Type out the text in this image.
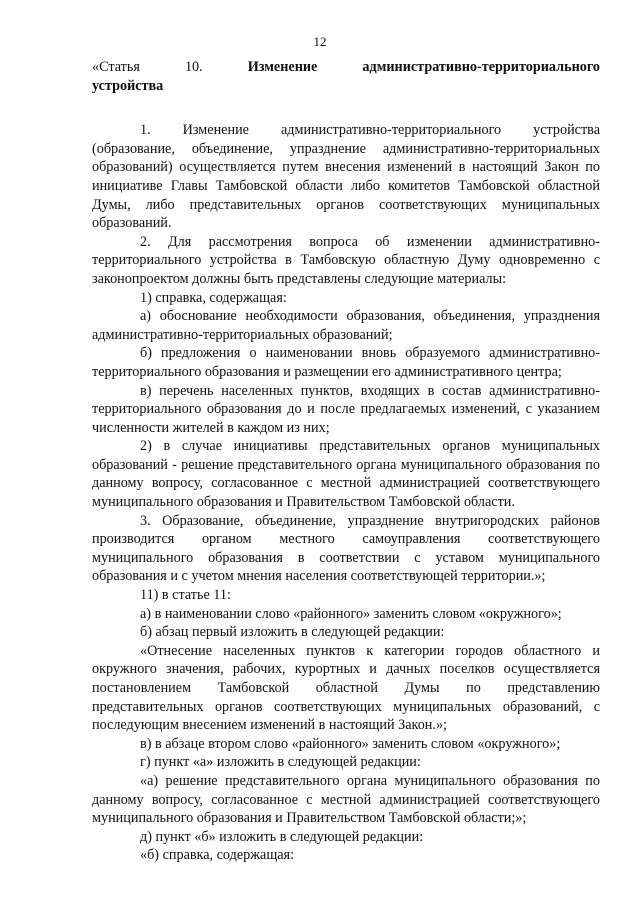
12

«Статья	10.	Изменение	административно-территориального

устройства

1. Изменение административно-территориального устройства (образование, объединение, упразднение административно-территориальных образований) осуществляется путем внесения изменений в настоящий Закон по инициативе Главы Тамбовской области либо комитетов Тамбовской областной Думы, либо представительных органов соответствующих муниципальных образований.

2. Для рассмотрения вопроса об изменении административно-территориального устройства в Тамбовскую областную Думу одновременно с законопроектом должны быть представлены следующие материалы:

1) справка, содержащая:

а) обоснование необходимости образования, объединения, упразднения административно-территориальных образований;

б) предложения о наименовании вновь образуемого административно-территориального образования и размещении его административного центра;

в) перечень населенных пунктов, входящих в состав административно-территориального образования до и после предлагаемых изменений, с указанием численности жителей в каждом из них;

2) в случае инициативы представительных органов муниципальных образований - решение представительного органа муниципального образования по данному вопросу, согласованное с местной администрацией соответствующего муниципального образования и Правительством Тамбовской области.

3. Образование, объединение, упразднение внутригородских районов производится органом местного самоуправления соответствующего муниципального образования в соответствии с уставом муниципального образования и с учетом мнения населения соответствующей территории.»;

11) в статье 11:

а) в наименовании слово «районного» заменить словом «окружного»;

б) абзац первый изложить в следующей редакции:

«Отнесение населенных пунктов к категории городов областного и окружного значения, рабочих, курортных и дачных поселков осуществляется постановлением Тамбовской областной Думы по представлению представительных органов соответствующих муниципальных образований, с последующим внесением изменений в настоящий Закон.»;

в) в абзаце втором слово «районного» заменить словом «окружного»;

г) пункт «а» изложить в следующей редакции:

«а) решение представительного органа муниципального образования по данному вопросу, согласованное с местной администрацией соответствующего муниципального образования и Правительством Тамбовской области;»;

д) пункт «б» изложить в следующей редакции:

«б) справка, содержащая:
